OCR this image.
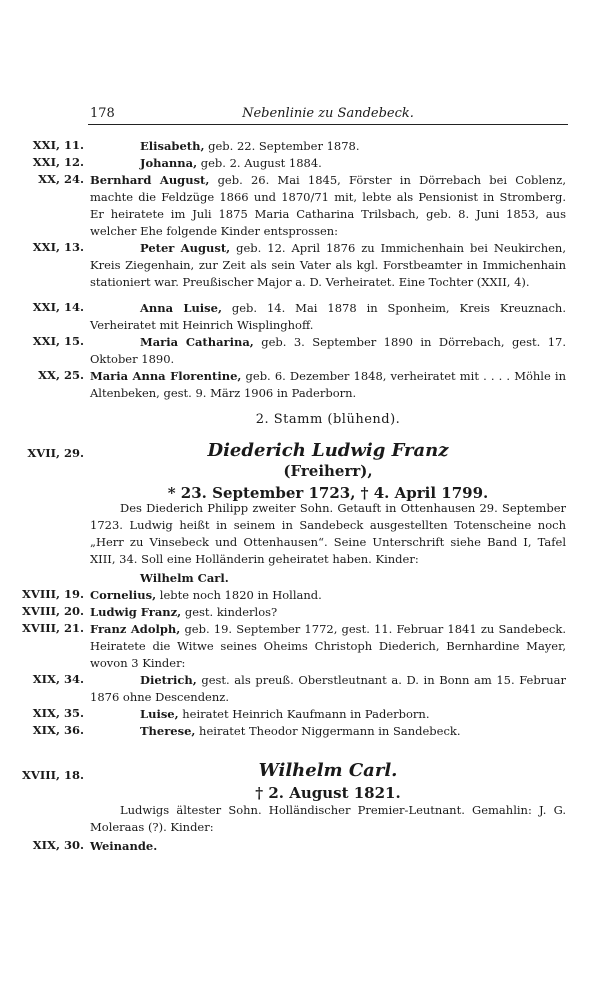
178	Nebenlinie zu Sandebeck.
XXI, 11.	Elisabeth, geb. 22. September 1878.
XXI, 12.	Johanna, geb. 2. August 1884.
XX, 24. Bernhard August, geb. 26. Mai 1845, Förster in Dörrebach bei Coblenz, machte die Feldzüge 1866 und 1870/71 mit, lebte als Pensionist in Stromberg. Er heiratete im Juli 1875 Maria Catharina Trilsbach, geb. 8. Juni 1853, aus welcher Ehe folgende Kinder entsprossen:
XXI, 13.	Peter August, geb. 12. April 1876 zu Immichenhain bei Neukirchen, Kreis Ziegenhain, zur Zeit als sein Vater als kgl. Forstbeamter in Immichenhain stationiert war. Preußischer Major a. D. Verheiratet. Eine Tochter (XXII, 4).
XXI, 14.	Anna Luise, geb. 14. Mai 1878 in Sponheim, Kreis Kreuznach. Verheiratet mit Heinrich Wisplinghoff.
XXI, 15.	Maria Catharina, geb. 3. September 1890 in Dörrebach, gest. 17. Oktober 1890.
XX, 25. Maria Anna Florentine, geb. 6. Dezember 1848, verheiratet mit . . . . Möhle in Altenbeken, gest. 9. März 1906 in Paderborn.
2. Stamm (blühend).
XVII, 29.	Diederich Ludwig Franz
(Freiherr),
* 23. September 1723, † 4. April 1799.
Des Diederich Philipp zweiter Sohn. Getauft in Ottenhausen 29. September 1723. Ludwig heißt in seinem in Sandebeck ausgestellten Totenscheine noch „Herr zu Vinsebeck und Ottenhausen“. Seine Unterschrift siehe Band I, Tafel XIII, 34. Soll eine Holländerin geheiratet haben. Kinder:
Wilhelm Carl.
XVIII, 19. Cornelius, lebte noch 1820 in Holland.
XVIII, 20. Ludwig Franz, gest. kinderlos?
XVIII, 21. Franz Adolph, geb. 19. September 1772, gest. 11. Februar 1841 zu Sandebeck. Heiratete die Witwe seines Oheims Christoph Diederich, Bernhardine Mayer, wovon 3 Kinder:
XIX, 34.	Dietrich, gest. als preuß. Oberstleutnant a. D. in Bonn am 15. Februar 1876 ohne Descendenz.
XIX, 35.	Luise, heiratet Heinrich Kaufmann in Paderborn.
XIX, 36.	Therese, heiratet Theodor Niggermann in Sandebeck.
XVIII, 18.	Wilhelm Carl.
† 2. August 1821.
Ludwigs ältester Sohn. Holländischer Premier-Leutnant. Gemahlin: J. G. Moleraas (?). Kinder:
XIX, 30. Weinande.
